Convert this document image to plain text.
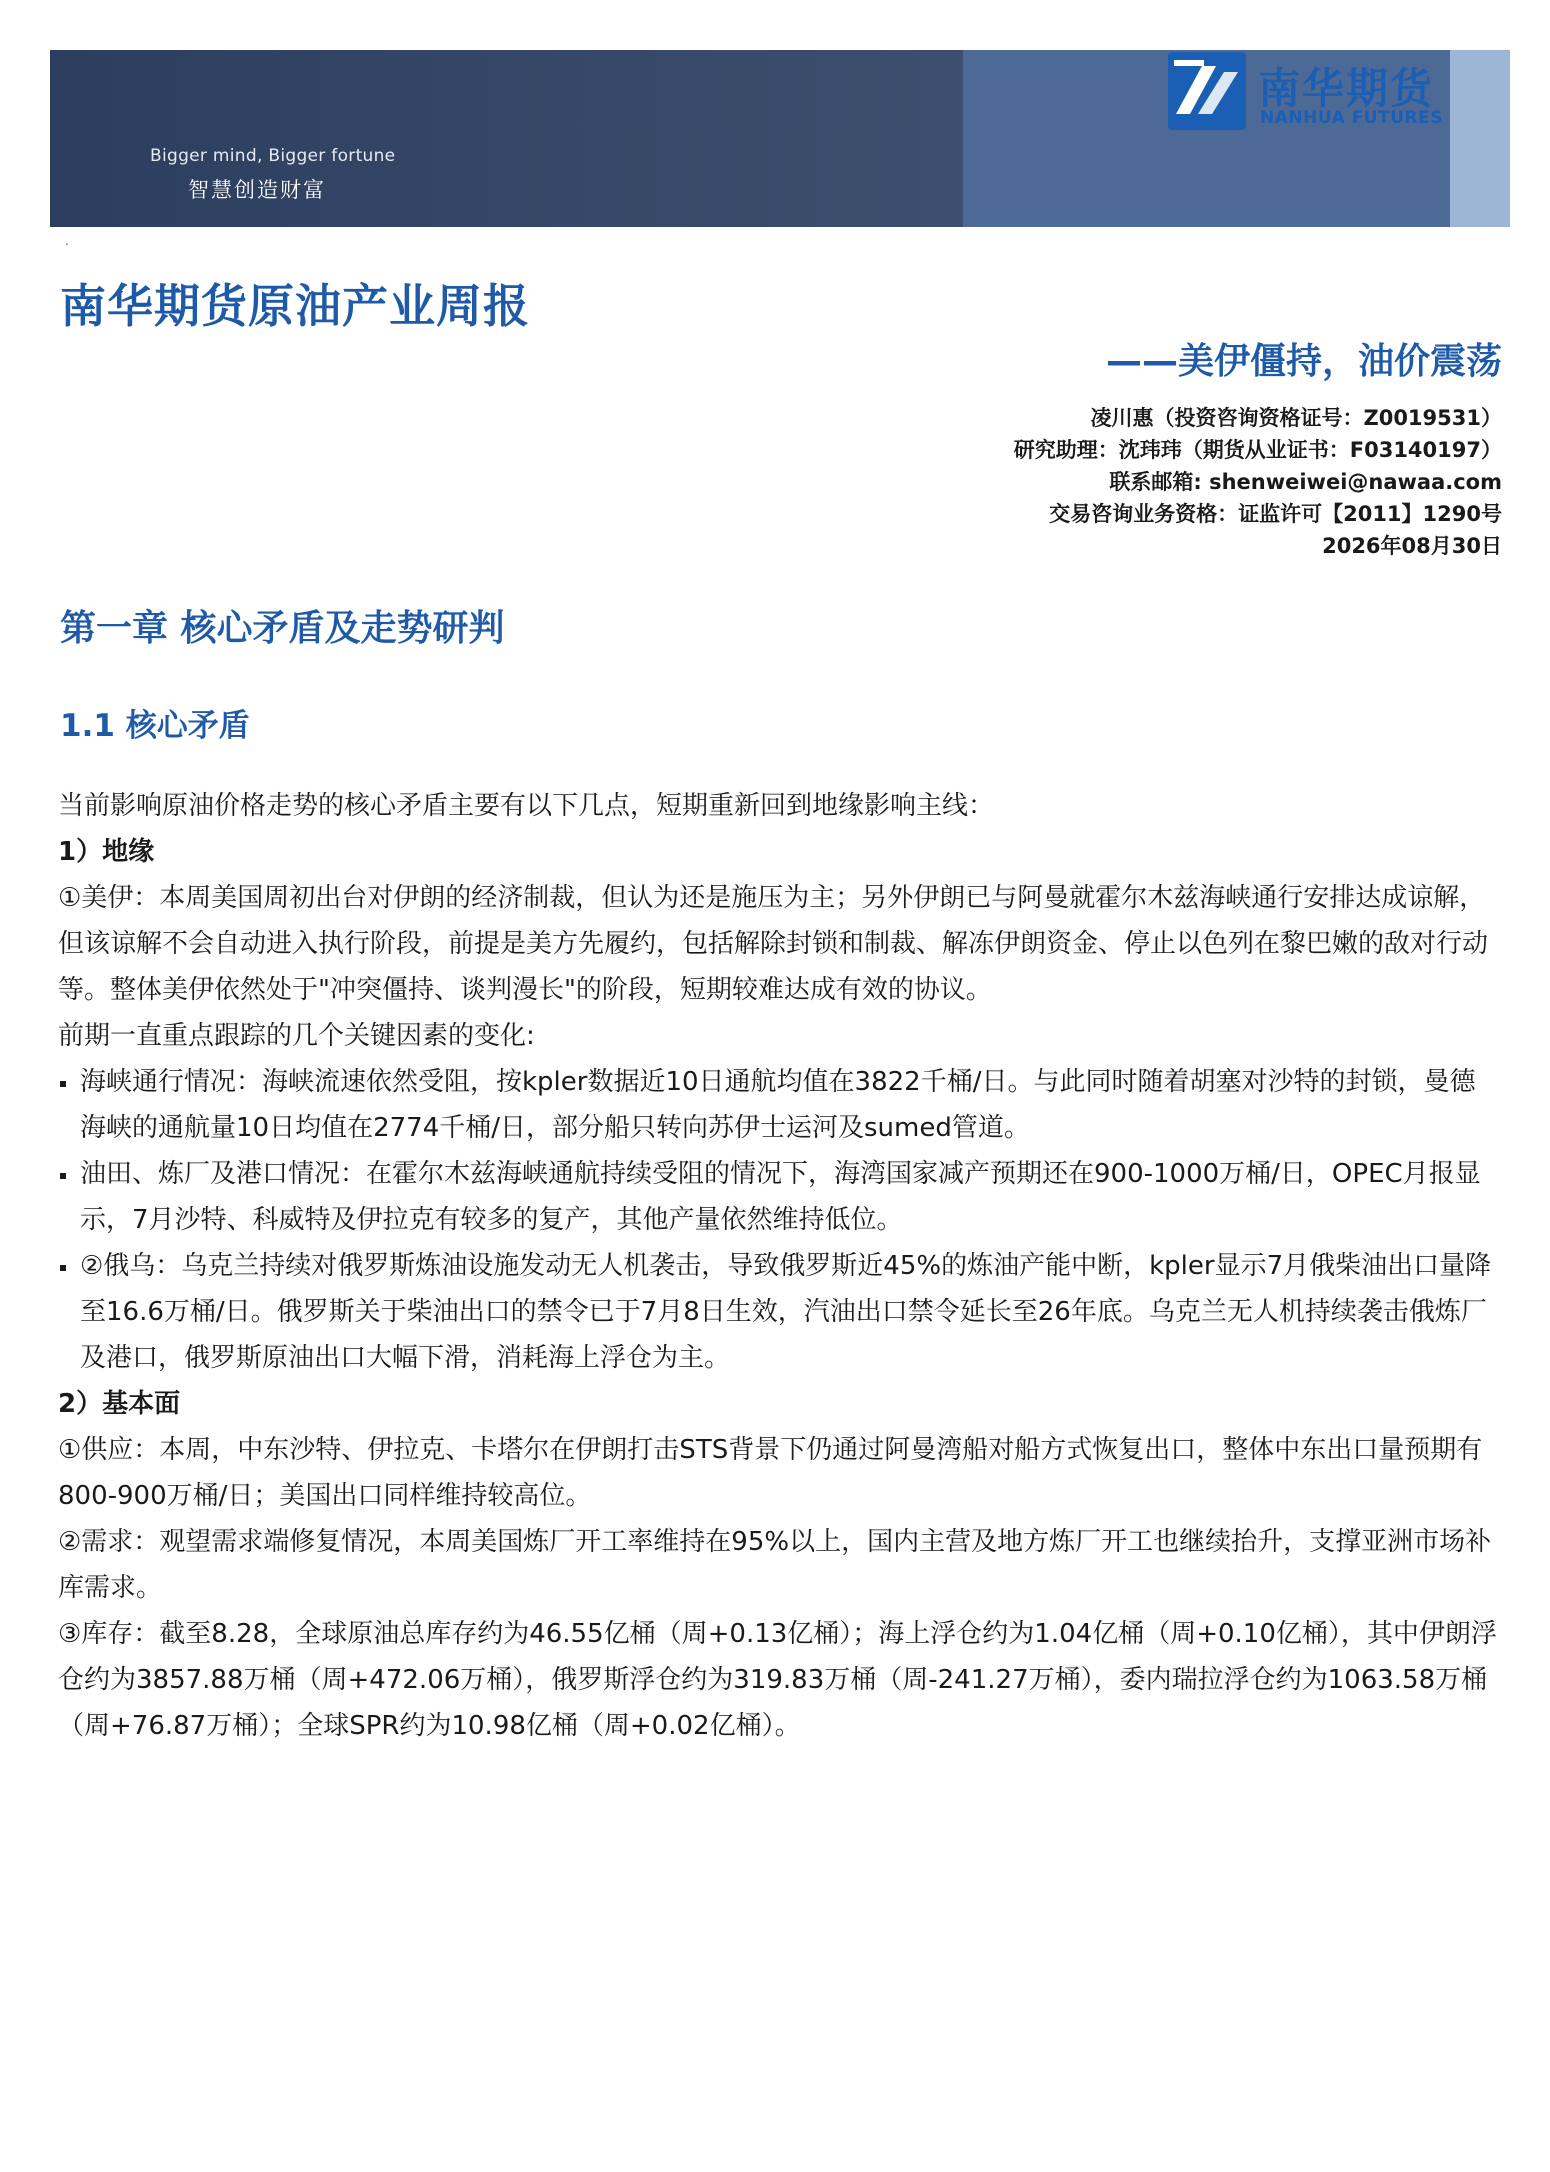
Bigger mind, Bigger fortune
智慧创造财富
南华期货
NANHUA FUTURES
.
南华期货原油产业周报
——美伊僵持，油价震荡
凌川惠（投资咨询资格证号：Z0019531）
研究助理：沈玮玮（期货从业证书：F03140197）
联系邮箱: shenweiwei@nawaa.com
交易咨询业务资格：证监许可【2011】1290号
2026年08月30日
第一章 核心矛盾及走势研判
1.1 核心矛盾

当前影响原油价格走势的核心矛盾主要有以下几点，短期重新回到地缘影响主线：

1）地缘

①美伊：本周美国周初出台对伊朗的经济制裁，但认为还是施压为主；另外伊朗已与阿曼就霍尔木兹海峡通行安排达成谅解，但该谅解不会自动进入执行阶段，前提是美方先履约，包括解除封锁和制裁、解冻伊朗资金、停止以色列在黎巴嫩的敌对行动等。整体美伊依然处于"冲突僵持、谈判漫长"的阶段，短期较难达成有效的协议。

前期一直重点跟踪的几个关键因素的变化:

海峡通行情况：海峡流速依然受阻，按kpler数据近10日通航均值在3822千桶/日。与此同时随着胡塞对沙特的封锁，曼德海峡的通航量10日均值在2774千桶/日，部分船只转向苏伊士运河及sumed管道。

油田、炼厂及港口情况：在霍尔木兹海峡通航持续受阻的情况下，海湾国家减产预期还在900-1000万桶/日，OPEC月报显示，7月沙特、科威特及伊拉克有较多的复产，其他产量依然维持低位。

②俄乌：乌克兰持续对俄罗斯炼油设施发动无人机袭击，导致俄罗斯近45%的炼油产能中断，kpler显示7月俄柴油出口量降至16.6万桶/日。俄罗斯关于柴油出口的禁令已于7月8日生效，汽油出口禁令延长至26年底。乌克兰无人机持续袭击俄炼厂及港口，俄罗斯原油出口大幅下滑，消耗海上浮仓为主。

2）基本面

①供应：本周，中东沙特、伊拉克、卡塔尔在伊朗打击STS背景下仍通过阿曼湾船对船方式恢复出口，整体中东出口量预期有800-900万桶/日；美国出口同样维持较高位。

②需求：观望需求端修复情况，本周美国炼厂开工率维持在95%以上，国内主营及地方炼厂开工也继续抬升，支撑亚洲市场补库需求。

③库存：截至8.28，全球原油总库存约为46.55亿桶（周+0.13亿桶）；海上浮仓约为1.04亿桶（周+0.10亿桶），其中伊朗浮仓约为3857.88万桶（周+472.06万桶），俄罗斯浮仓约为319.83万桶（周-241.27万桶），委内瑞拉浮仓约为1063.58万桶（周+76.87万桶）；全球SPR约为10.98亿桶（周+0.02亿桶）。
